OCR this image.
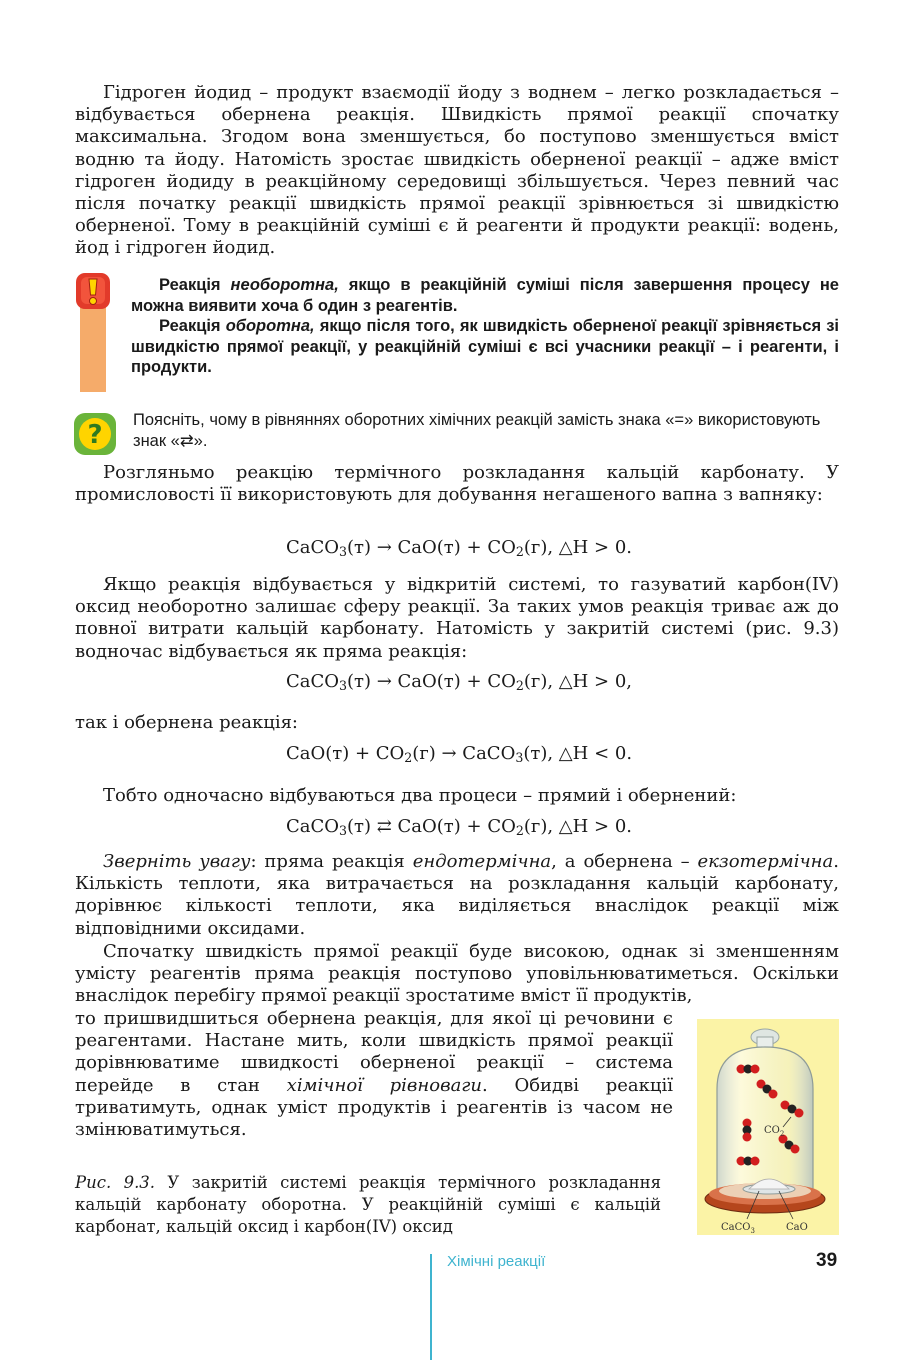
Гідроген йодид – продукт взаємодії йоду з воднем – легко розкладається – відбувається обернена реакція. Швидкість прямої реакції спочатку максимальна. Згодом вона зменшується, бо поступово зменшується вміст водню та йоду. Натомість зростає швидкість оберненої реакції – адже вміст гідроген йодиду в реакційному середовищі збільшується. Через певний час після початку реакції швидкість прямої реакції зрівнюється зі швидкістю оберненої. Тому в реакційній суміші є й реагенти й продукти реакції: водень, йод і гідроген йодид.

Реакція необоротна, якщо в реакційній суміші після завершення процесу не можна виявити хоча б один з реагентів.
Реакція оборотна, якщо після того, як швидкість оберненої реакції зрівняється зі швидкістю прямої реакції, у реакційній суміші є всі учасники реакції – і реагенти, і продукти.
? Поясніть, чому в рівняннях оборотних хімічних реакцій замість знака «=» використовують знак «⇄».

Розгляньмо реакцію термічного розкладання кальцій карбонату. У промисловості її використовують для добування негашеного вапна з вапняку:

CaCO$_3$(т) → $CaO(т) + CO_2(г)$, △H > 0.

Якщо реакція відбувається у відкритій системі, то газуватий карбон(IV) оксид необоротно залишає сферу реакції. За таких умов реакція триває аж до повної витрати кальцій карбонату. Натомість у закритій системі (рис. 9.3) водночас відбувається як пряма реакція:

CaCO$_3$(т) → $CaO(т) + CO_2(г)$, △H > 0,

так і обернена реакція:

$CaO(т) + CO_2(г)$ → CaCO$_3$(т), △H < 0.

Тобто одночасно відбуваються два процеси – прямий і обернений:

CaCO$_3$(т) ⇄ $CaO(т) + CO_2(г)$, △H > 0.

Зверніть увагу: пряма реакція ендотермічна, а обернена – екзотермічна. Кількість теплоти, яка витрачається на розкладання кальцій карбонату, дорівнює кількості теплоти, яка виділяється внаслідок реакції між відповідними оксидами.

Спочатку швидкість прямої реакції буде високою, однак зі зменшенням умісту реагентів пряма реакція поступово уповільнюватиметься. Оскільки внаслідок перебігу прямої реакції зростатиме вміст її продуктів,

то пришвидшиться обернена реакція, для якої ці речовини є реагентами. Настане мить, коли швидкість прямої реакції дорівнюватиме швидкості оберненої реакції – система перейде в стан хімічної рівноваги. Обидві реакції триватимуть, однак уміст продуктів і реагентів із часом не змінюватимуться.	$CO_2$
CaCO$_3$	CaO

Рис. 9.3. У закритій системі реакція термічного розкладання кальцій карбонату оборотна. У реакційній суміші є кальцій карбонат, кальцій оксид і карбон(IV) оксид

Хімічні реакції	39
